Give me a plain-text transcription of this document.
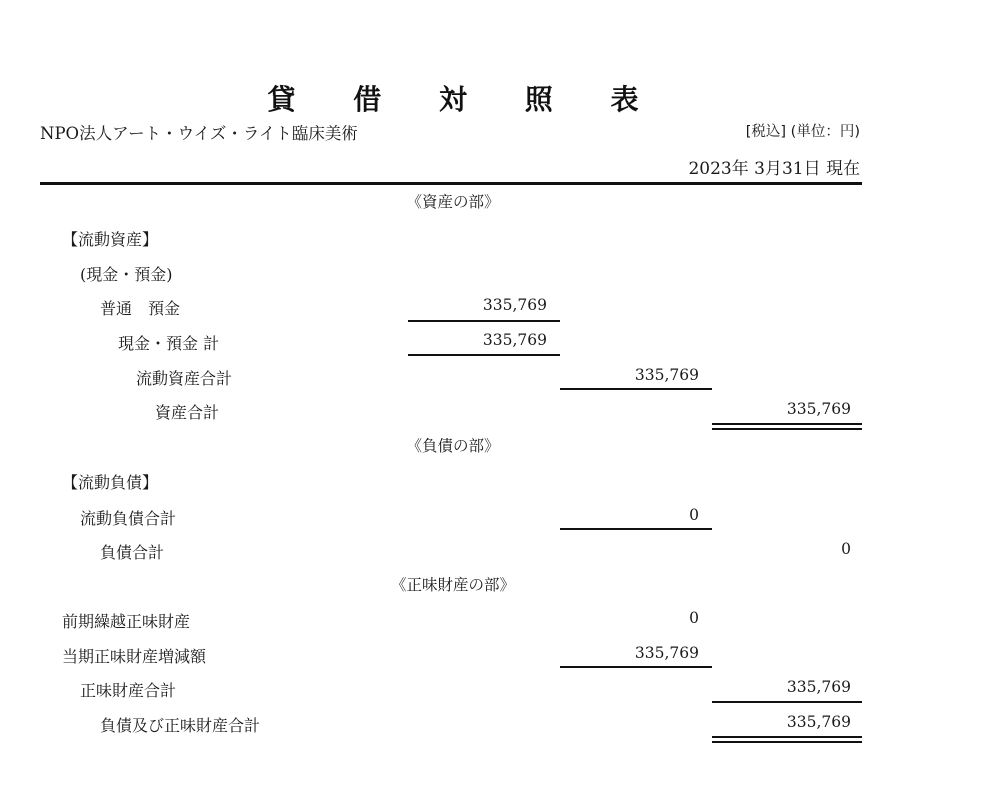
貸 借 対 照 表
NPO法人アート・ウイズ・ライト臨床美術	[税込] (単位：円)
2023年 3月31日 現在
《資産の部》
【流動資産】
(現金・預金)
普通　預金	335,769
現金・預金 計	335,769
流動資産合計	335,769
資産合計	335,769
《負債の部》
【流動負債】
流動負債合計	0
負債合計	0
《正味財産の部》
前期繰越正味財産	0
当期正味財産増減額	335,769
正味財産合計	335,769
負債及び正味財産合計	335,769
